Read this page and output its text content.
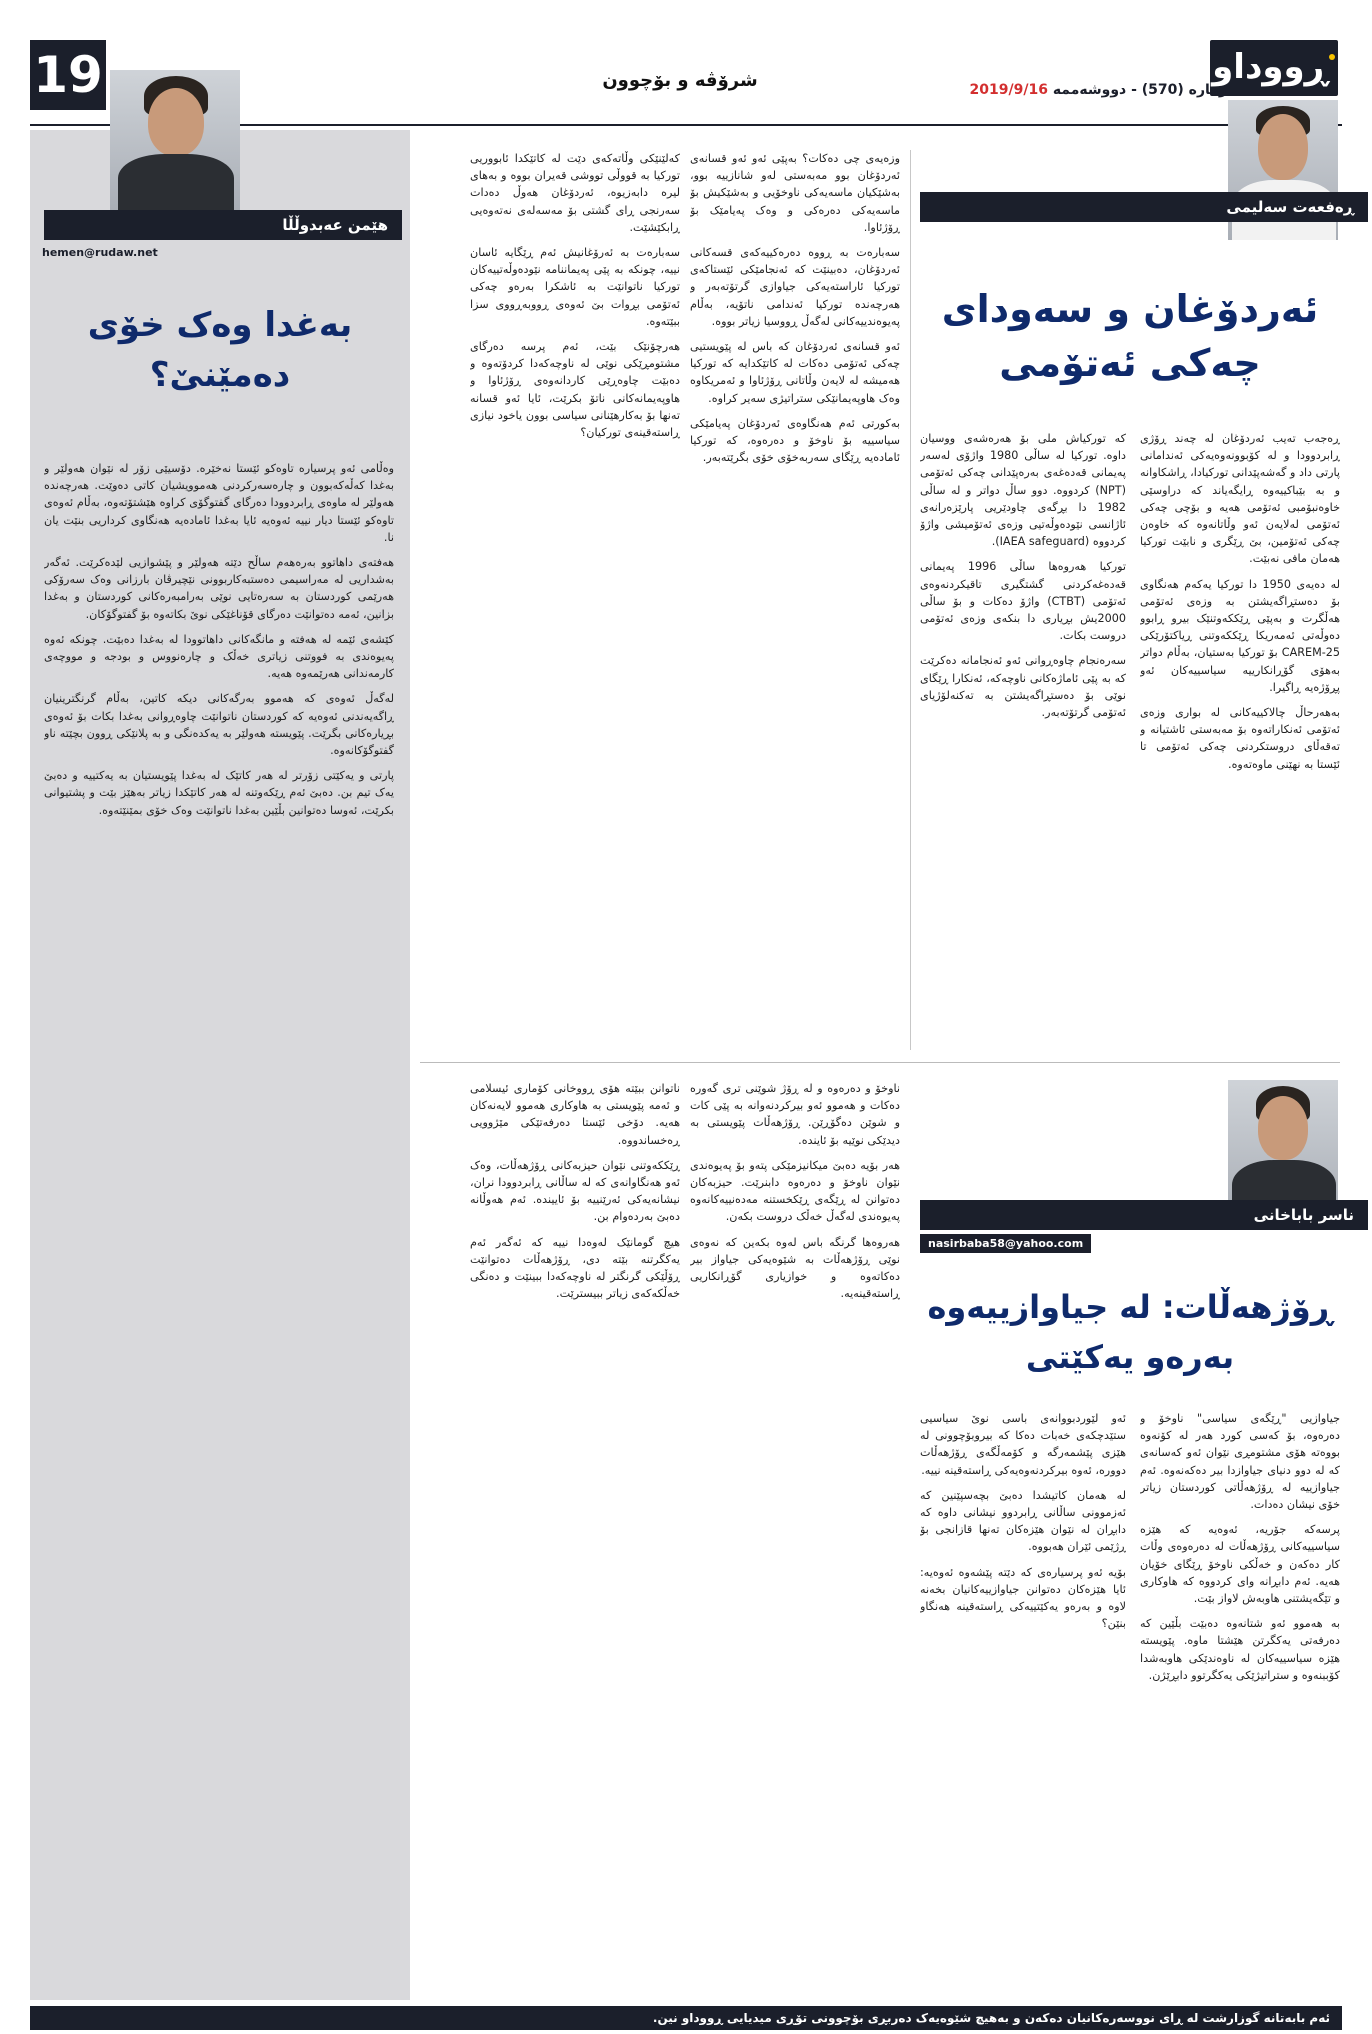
ڕووداو
ژمارە (570) - دووشەممە 2019/9/16
شرۆڤە و بۆچوون
19
هێمن عەبدوڵڵا
hemen@rudaw.net
بەغدا وەک خۆی
دەمێنێ؟

وەڵامی ئەو پرسیارە تاوەکو ئێستا نەخێرە. دۆسیێی زۆر لە نێوان هەولێر و بەغدا کەڵەکەبوون و چارەسەرکردنی هەموویشیان کاتی دەوێت. هەرچەندە هەولێر لە ماوەی ڕابردوودا دەرگای گفتوگۆی کراوە هێشتۆتەوە، بەڵام ئەوەی تاوەکو ئێستا دیار نییە ئەوەیە ئایا بەغدا ئامادەیە هەنگاوی کرداریی بنێت یان نا.

هەفتەی داهاتوو بەرەهەم ساڵح دێتە هەولێر و پێشوازیی لێدەکرێت. ئەگەر بەشداریی لە مەراسیمی دەستبەکاربوونی نێچیرڤان بارزانی وەک سەرۆکی هەرێمی کوردستان بە سەرەتایی نوێی بەرامبەرەکانی کوردستان و بەغدا بزانین، ئەمە دەتوانێت دەرگای قۆناغێکی نوێ بکاتەوە بۆ گفتوگۆکان.

کێشەی ئێمە لە هەفتە و مانگەکانی داهاتوودا لە بەغدا دەبێت. چونکە ئەوە پەیوەندی بە فووتنی زیاتری خەڵک و چارەنووس و بودجە و مووچەی کارمەندانی هەرێمەوە هەیە.

لەگەڵ ئەوەی کە هەموو بەرگەکانی دیکە کاتین، بەڵام گرنگترینیان ڕاگەیەندنی ئەوەیە کە کوردستان ناتوانێت چاوەڕوانی بەغدا بکات بۆ ئەوەی بڕیارەکانی بگرێت. پێویستە هەولێر بە یەکدەنگی و بە پلانێکی ڕوون بچێتە ناو گفتوگۆکانەوە.

پارتی و یەکێتی زۆرتر لە هەر کاتێک لە بەغدا پێویستیان بە یەکتییە و دەبێ یەک تیم بن. دەبێ ئەم ڕێکەوتنە لە هەر کاتێکدا زیاتر بەهێز بێت و پشتیوانی بکرێت، ئەوسا دەتوانین بڵێین بەغدا ناتوانێت وەک خۆی بمێنێتەوە.

ڕەفعەت سەلیمی
ئەردۆغان و سەودای
چەکی ئەتۆمی

ڕەجەب تەیب ئەردۆغان لە چەند ڕۆژی ڕابردوودا و لە کۆبوونەوەیەکی ئەندامانی پارتی داد و گەشەپێدانی تورکیادا، ڕاشکاوانە و بە بێباکییەوە ڕایگەیاند کە دراوسێی خاوەنبۆمبی ئەتۆمی هەیە و بۆچی چەکی ئەتۆمی لەلایەن ئەو وڵاتانەوە کە خاوەن چەکی ئەتۆمین، بێ ڕێگری و نابێت تورکیا هەمان مافی نەبێت.

لە دەیەی 1950 دا تورکیا یەکەم هەنگاوی بۆ دەستڕاگەیشتن بە وزەی ئەتۆمی هەڵگرت و بەپێی ڕێککەوتنێک بیرو ڕابوو دەوڵەتی ئەمەریکا ڕێککەوتنی ڕیاکتۆرێکی CAREM-25 بۆ تورکیا بەستیان، بەڵام دواتر بەهۆی گۆڕانکارییە سیاسییەکان ئەو پڕۆژەیە ڕاگیرا.

بەهەرحاڵ چالاکییەکانی لە بواری وزەی ئەتۆمی ئەنکاراتەوە بۆ مەبەستی ئاشتیانە و تەقەڵای دروستکردنی چەکی ئەتۆمی تا ئێستا بە نهێنی ماوەتەوە.

کە تورکیاش ملی بۆ هەرەشەی ووسیان داوە. تورکیا لە ساڵی 1980 واژۆی لەسەر پەیمانی قەدەغەی بەرەپێدانی چەکی ئەتۆمی (NPT) کردووە. دوو ساڵ دواتر و لە ساڵی 1982 دا بڕگەی چاودێریی پارێزەرانەی ئاژانسی نێودەوڵەتیی وزەی ئەتۆمیشی واژۆ کردووە (IAEA safeguard).

تورکیا هەروەها ساڵی 1996 پەیمانی قەدەغەکردنی گشتگیری تاقیکردنەوەی ئەتۆمی (CTBT) واژۆ دەکات و بۆ ساڵی 2000یش بڕیاری دا بنکەی وزەی ئەتۆمی دروست بکات.

سەرەنجام چاوەڕوانی ئەو ئەنجامانە دەکرێت کە بە پێی ئاماژەکانی ناوچەکە، ئەنکارا ڕێگای نوێی بۆ دەستڕاگەیشتن بە تەکنەلۆژیای ئەتۆمی گرتۆتەبەر.

وزەیەی چی دەکات؟ بەپێی ئەو ئەو قسانەی ئەردۆغان بوو مەبەستی لەو شانازییە بوو، بەشێکیان ماسەیەکی ناوخۆیی و بەشێکیش بۆ ماسەیەکی دەرەکی و وەک پەیامێک بۆ ڕۆژئاوا.

سەبارەت بە ڕووە دەرەکییەکەی قسەکانی ئەردۆغان، دەبینێت کە ئەنجامێکی ئێستاکەی تورکیا ئاراستەیەکی جیاوازی گرتۆتەبەر و هەرچەندە تورکیا ئەندامی ناتۆیە، بەڵام پەیوەندییەکانی لەگەڵ ڕووسیا زیاتر بووە.

ئەو قسانەی ئەردۆغان کە باس لە پێویستیی چەکی ئەتۆمی دەکات لە کاتێکدایە کە تورکیا هەمیشە لە لایەن وڵاتانی ڕۆژئاوا و ئەمریکاوە وەک هاوپەیمانێکی ستراتیژی سەیر کراوە.

بەکورتی ئەم هەنگاوەی ئەردۆغان پەیامێکی سیاسییە بۆ ناوخۆ و دەرەوە، کە تورکیا ئامادەیە ڕێگای سەربەخۆی خۆی بگرێتەبەر.

کەلێنێکی وڵاتەکەی دێت لە کاتێکدا ئابووریی تورکیا بە قووڵی تووشی قەیران بووە و بەهای لیرە دابەزیوە، ئەردۆغان هەوڵ دەدات سەرنجی ڕای گشتی بۆ مەسەلەی نەتەوەیی ڕابکێشێت.

سەبارەت بە ئەرۆغانیش ئەم ڕێگایە ئاسان نییە، چونکە بە پێی پەیماننامە نێودەوڵەتییەکان تورکیا ناتوانێت بە ئاشکرا بەرەو چەکی ئەتۆمی بڕوات بێ ئەوەی ڕووبەڕووی سزا ببێتەوە.

هەرچۆنێک بێت، ئەم پرسە دەرگای مشتومڕێکی نوێی لە ناوچەکەدا کردۆتەوە و دەبێت چاوەڕێی کاردانەوەی ڕۆژئاوا و هاوپەیمانەکانی ناتۆ بکرێت، ئایا ئەو قسانە تەنها بۆ بەکارهێنانی سیاسی بوون یاخود نیازی ڕاستەقینەی تورکیان؟

ناسر باباخانی
nasirbaba58@yahoo.com
ڕۆژهەڵات: لە جیاوازییەوە
بەرەو یەکێتی

جیاوازیی "ڕێگەی سیاسی" ناوخۆ و دەرەوە، بۆ کەسی کورد هەر لە کۆنەوە بووەتە هۆی مشتومڕی نێوان ئەو کەسانەی کە لە دوو دنیای جیاوازدا بیر دەکەنەوە. ئەم جیاوازییە لە ڕۆژهەڵاتی کوردستان زیاتر خۆی نیشان دەدات.

پرسەکە جۆریە، ئەوەیە کە هێزە سیاسییەکانی ڕۆژهەڵات لە دەرەوەی وڵات کار دەکەن و خەڵکی ناوخۆ ڕێگای خۆیان هەیە. ئەم دابڕانە وای کردووە کە هاوکاری و تێگەیشتنی هاوبەش لاواز بێت.

بە هەموو ئەو شتانەوە دەبێت بڵێین کە دەرفەتی یەکگرتن هێشتا ماوە. پێویستە هێزە سیاسییەکان لە ناوەندێکی هاوبەشدا کۆببنەوە و ستراتیژێکی یەکگرتوو دابڕێژن.

ئەو لێوردبووانەی باسی نوێ سیاسیی ستێدچکەی خەبات دەکا کە بیروبۆچوونی لە هێزی پێشمەرگە و کۆمەڵگەی ڕۆژهەڵات دوورە، ئەوە بیرکردنەوەیەکی ڕاستەقینە نییە.

لە هەمان کاتیشدا دەبێ بچەسپێنین کە ئەزموونی ساڵانی ڕابردوو نیشانی داوە کە دابڕان لە نێوان هێزەکان تەنها قازانجی بۆ ڕژێمی ئێران هەبووە.

بۆیە ئەو پرسیارەی کە دێتە پێشەوە ئەوەیە: ئایا هێزەکان دەتوانن جیاوازییەکانیان بخەنە لاوە و بەرەو یەکێتییەکی ڕاستەقینە هەنگاو بنێن؟

ناوخۆ و دەرەوە و لە ڕۆژ شوێنی تری گەورە دەکات و هەموو ئەو بیرکردنەوانە بە پێی کات و شوێن دەگۆڕێن. ڕۆژهەڵات پێویستی بە دیدێکی نوێیە بۆ ئایندە.

هەر بۆیە دەبێ میکانیزمێکی پتەو بۆ پەیوەندی نێوان ناوخۆ و دەرەوە دابنرێت. حیزبەکان دەتوانن لە ڕێگەی ڕێکخستنە مەدەنییەکانەوە پەیوەندی لەگەڵ خەڵک دروست بکەن.

هەروەها گرنگە باس لەوە بکەین کە نەوەی نوێی ڕۆژهەڵات بە شێوەیەکی جیاواز بیر دەکاتەوە و خوازیاری گۆڕانکاریی ڕاستەقینەیە.

ناتوانن ببێتە هۆی ڕووخانی کۆماری ئیسلامی و ئەمە پێویستی بە هاوکاری هەموو لایەنەکان هەیە. دۆخی ئێستا دەرفەتێکی مێژوویی ڕەخساندووە.

ڕێککەوتنی نێوان حیزبەکانی ڕۆژهەڵات، وەک ئەو هەنگاوانەی کە لە ساڵانی ڕابردوودا نران، نیشانەیەکی ئەرێنییە بۆ ئاییندە. ئەم هەوڵانە دەبێ بەردەوام بن.

هیچ گومانێک لەوەدا نییە کە ئەگەر ئەم یەکگرتنە بێتە دی، ڕۆژهەڵات دەتوانێت ڕۆڵێکی گرنگتر لە ناوچەکەدا ببینێت و دەنگی خەڵکەکەی زیاتر ببیسترێت.

ئەم بابەتانە گوزارشت لە ڕای نووسەرەکانیان دەکەن و بەهیچ شێوەیەک دەربڕی بۆچوونی تۆڕی میدیایی ڕووداو نین.
